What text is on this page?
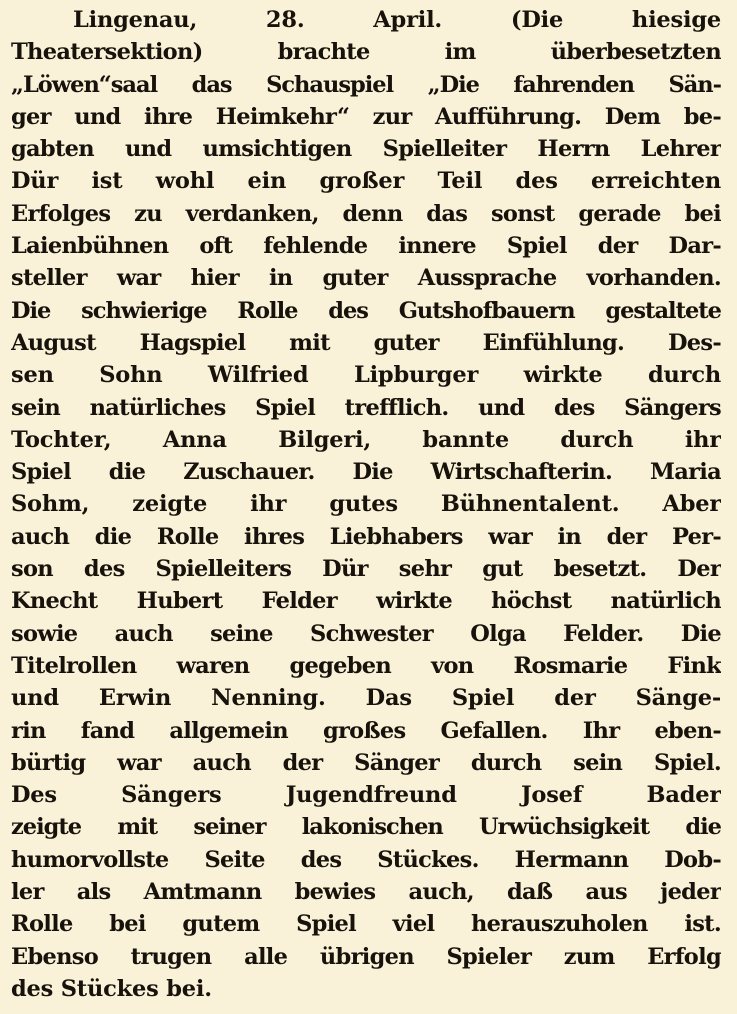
Lingenau, 28. April. (Die hiesige
Theatersektion) brachte im überbesetzten
„Löwen“saal das Schauspiel „Die fahrenden Sän-
ger und ihre Heimkehr“ zur Aufführung. Dem be-
gabten und umsichtigen Spielleiter Herrn Lehrer
Dür ist wohl ein großer Teil des erreichten
Erfolges zu verdanken, denn das sonst gerade bei
Laienbühnen oft fehlende innere Spiel der Dar-
steller war hier in guter Aussprache vorhanden.
Die schwierige Rolle des Gutshofbauern gestaltete
August Hagspiel mit guter Einfühlung. Des-
sen Sohn Wilfried Lipburger wirkte durch
sein natürliches Spiel trefflich. und des Sängers
Tochter, Anna Bilgeri, bannte durch ihr
Spiel die Zuschauer. Die Wirtschafterin. Maria
Sohm, zeigte ihr gutes Bühnentalent. Aber
auch die Rolle ihres Liebhabers war in der Per-
son des Spielleiters Dür sehr gut besetzt. Der
Knecht Hubert Felder wirkte höchst natürlich
sowie auch seine Schwester Olga Felder. Die
Titelrollen waren gegeben von Rosmarie Fink
und Erwin Nenning. Das Spiel der Sänge-
rin fand allgemein großes Gefallen. Ihr eben-
bürtig war auch der Sänger durch sein Spiel.
Des Sängers Jugendfreund Josef Bader
zeigte mit seiner lakonischen Urwüchsigkeit die
humorvollste Seite des Stückes. Hermann Dob-
ler als Amtmann bewies auch, daß aus jeder
Rolle bei gutem Spiel viel herauszuholen ist.
Ebenso trugen alle übrigen Spieler zum Erfolg
des Stückes bei.
